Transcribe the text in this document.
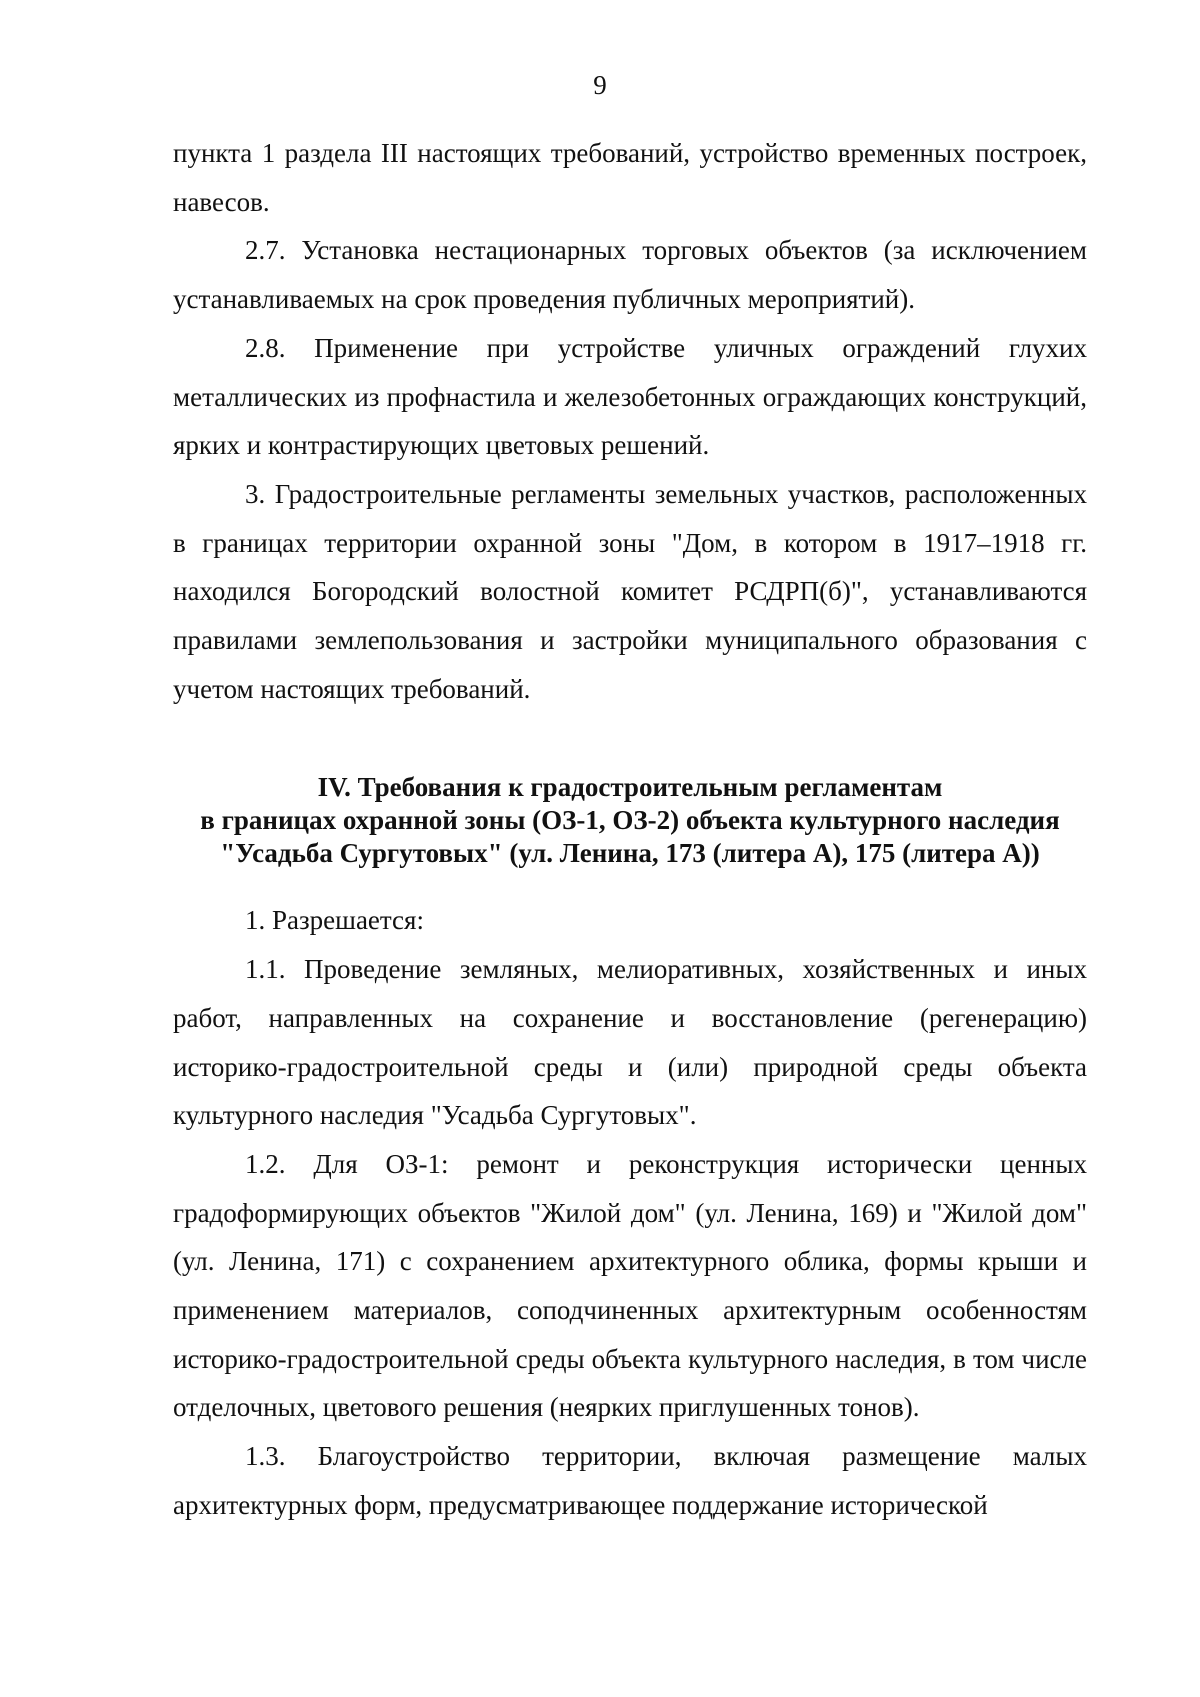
9

пункта 1 раздела III настоящих требований, устройство временных построек, навесов.

2.7. Установка нестационарных торговых объектов (за исключением устанавливаемых на срок проведения публичных мероприятий).

2.8. Применение при устройстве уличных ограждений глухих металлических из профнастила и железобетонных ограждающих конструкций, ярких и контрастирующих цветовых решений.

3. Градостроительные регламенты земельных участков, расположенных в границах территории охранной зоны "Дом, в котором в 1917–1918 гг. находился Богородский волостной комитет РСДРП(б)", устанавливаются правилами землепользования и застройки муниципального образования с учетом настоящих требований.

IV. Требования к градостроительным регламентам
в границах охранной зоны (ОЗ-1, ОЗ-2) объекта культурного наследия
"Усадьба Сургутовых" (ул. Ленина, 173 (литера А), 175 (литера А))

1. Разрешается:

1.1. Проведение земляных, мелиоративных, хозяйственных и иных работ, направленных на сохранение и восстановление (регенерацию) историко-градостроительной среды и (или) природной среды объекта культурного наследия "Усадьба Сургутовых".

1.2. Для ОЗ-1: ремонт и реконструкция исторически ценных градоформирующих объектов "Жилой дом" (ул. Ленина, 169) и "Жилой дом" (ул. Ленина, 171) с сохранением архитектурного облика, формы крыши и применением материалов, соподчиненных архитектурным особенностям историко-градостроительной среды объекта культурного наследия, в том числе отделочных, цветового решения (неярких приглушенных тонов).

1.3. Благоустройство территории, включая размещение малых архитектурных форм, предусматривающее поддержание исторической
